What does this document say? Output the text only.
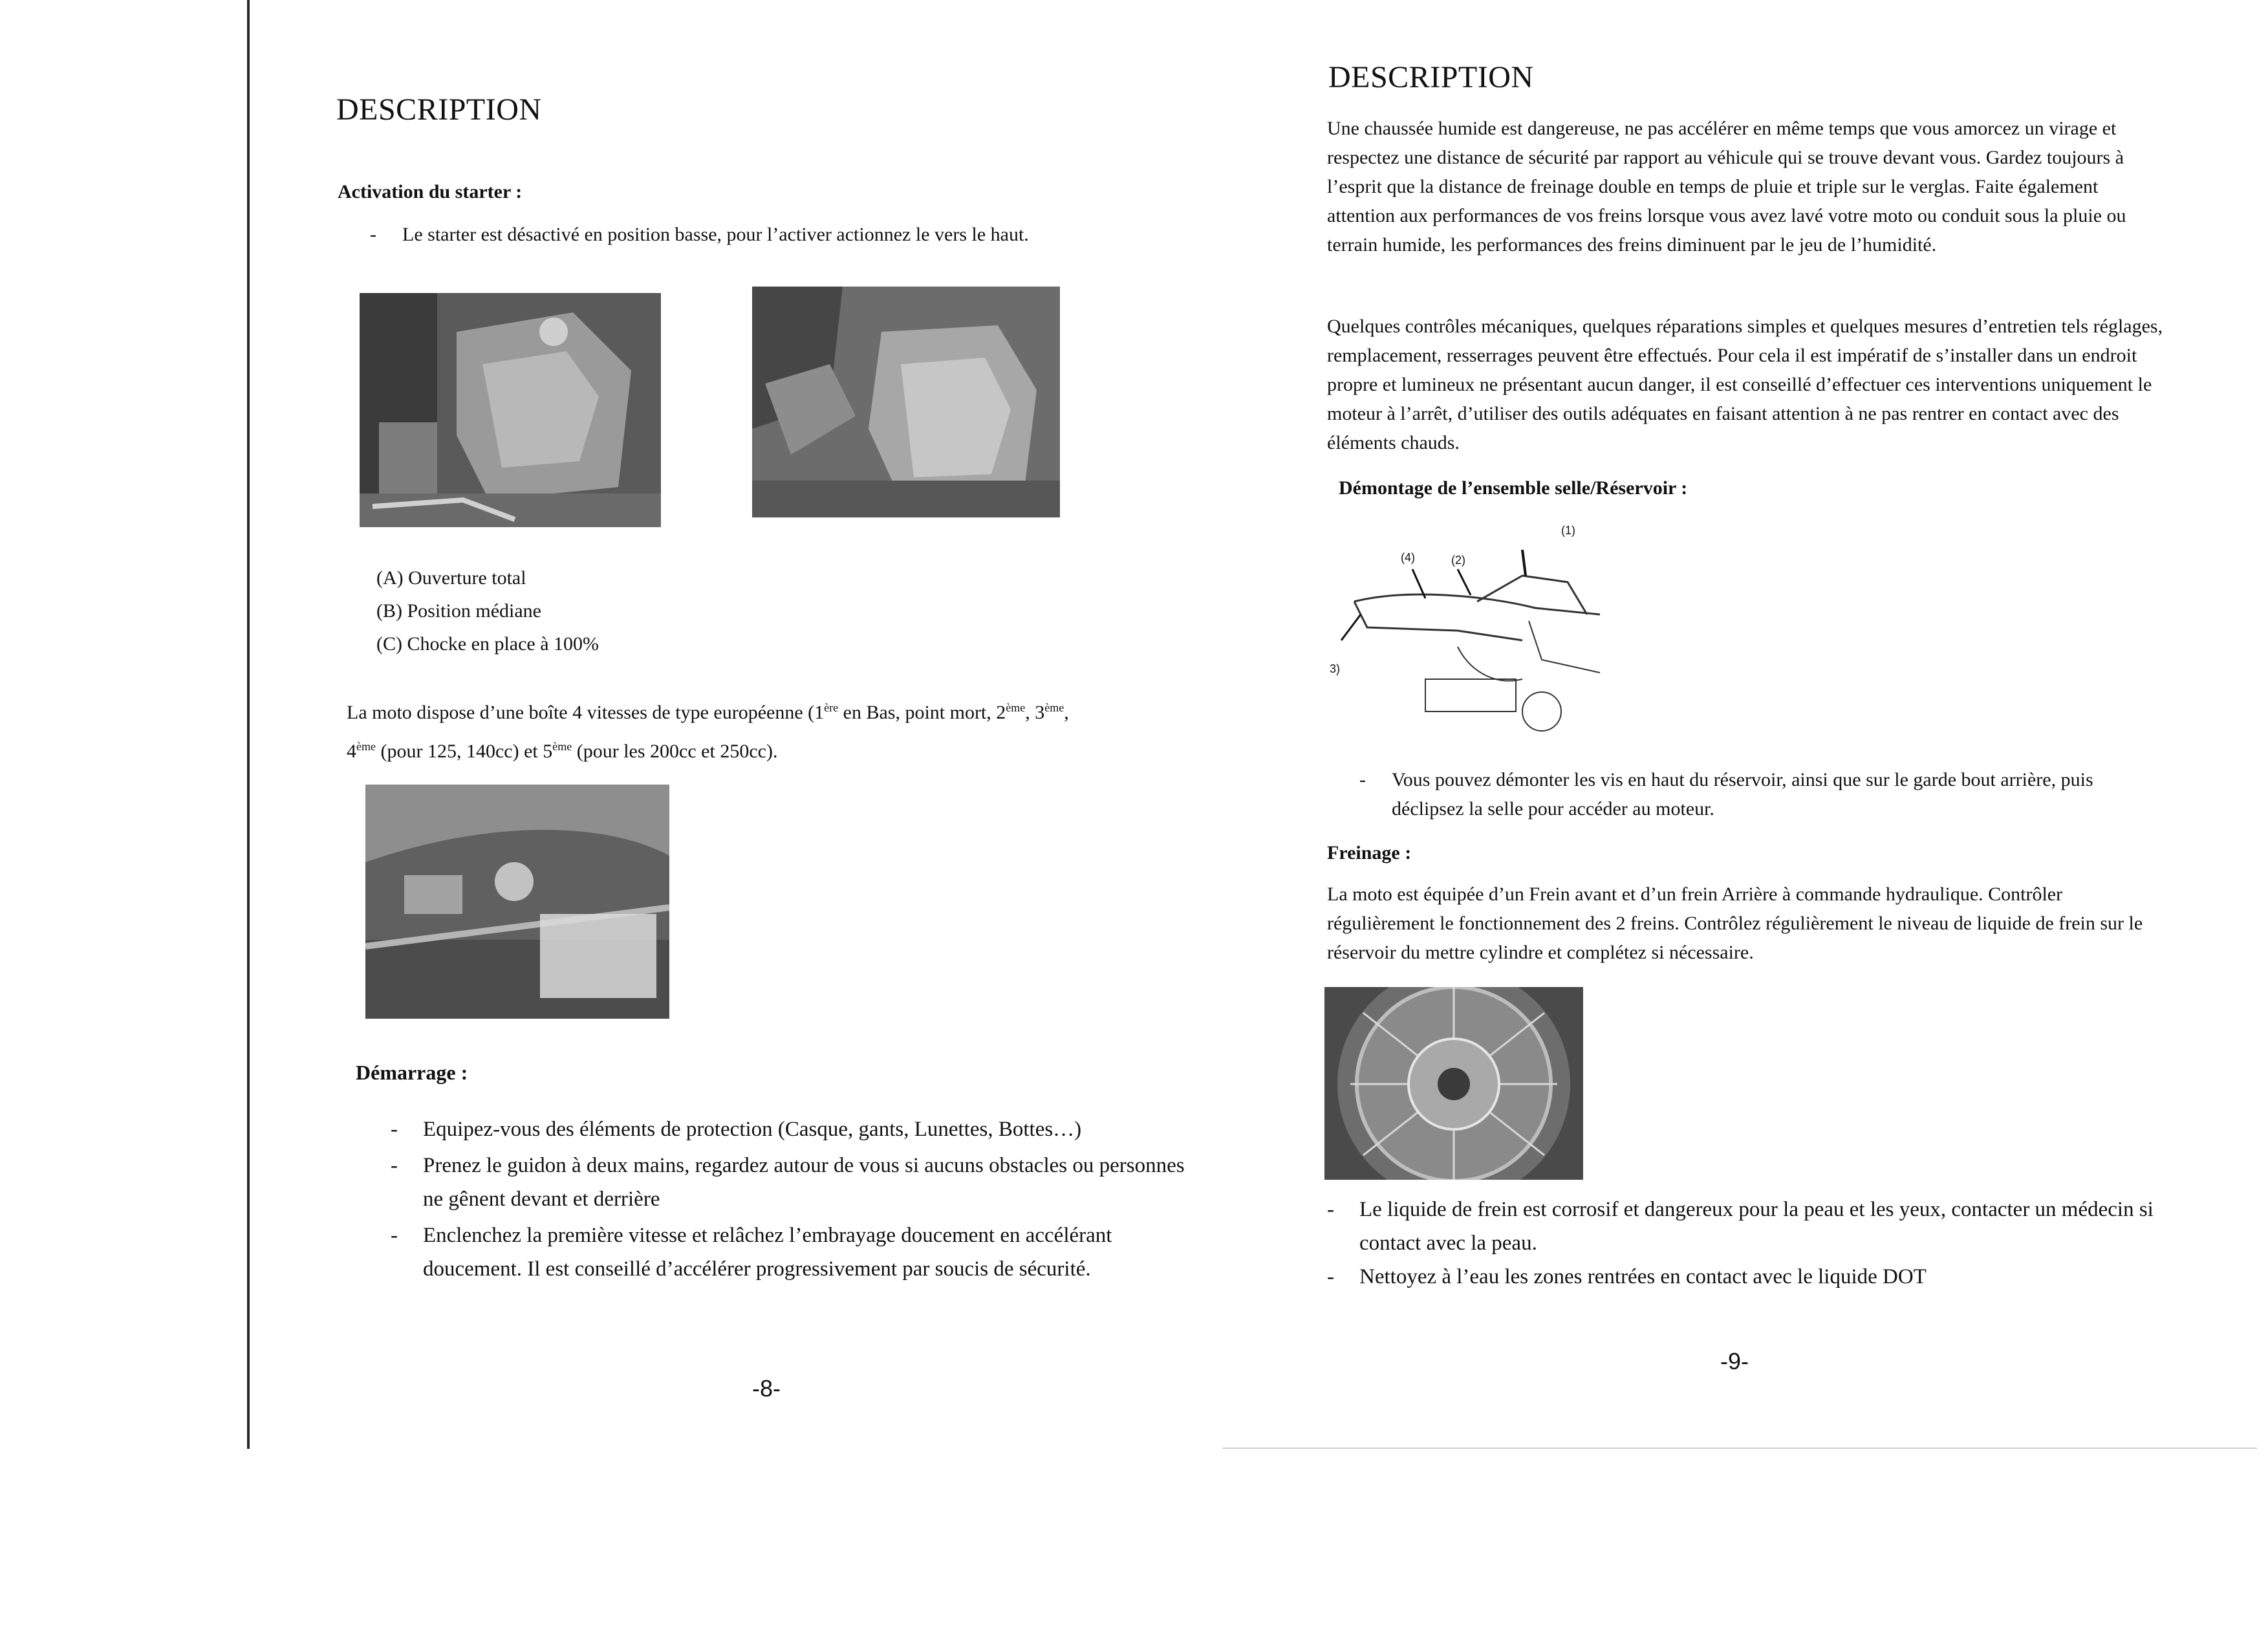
DESCRIPTION
Activation du starter :
- Le starter est désactivé en position basse, pour l’activer actionnez le vers le haut.
(A) Ouverture total
(B) Position médiane
(C) Chocke en place à 100%
La moto dispose d’une boîte 4 vitesses de type européenne (1ère en Bas, point mort, 2ème, 3ème,
4ème (pour 125, 140cc) et 5ème (pour les 200cc et 250cc).
Démarrage :
- Equipez-vous des éléments de protection (Casque, gants, Lunettes, Bottes…)
- Prenez le guidon à deux mains, regardez autour de vous si aucuns obstacles ou personnes ne gênent devant et derrière
- Enclenchez la première vitesse et relâchez l’embrayage doucement en accélérant doucement. Il est conseillé d’accélérer progressivement par soucis de sécurité.
-8-
DESCRIPTION
Une chaussée humide est dangereuse, ne pas accélérer en même temps que vous amorcez un virage et respectez une distance de sécurité par rapport au véhicule qui se trouve devant vous. Gardez toujours à l’esprit que la distance de freinage double en temps de pluie et triple sur le verglas. Faite également attention aux performances de vos freins lorsque vous avez lavé votre moto ou conduit sous la pluie ou terrain humide, les performances des freins diminuent par le jeu de l’humidité.
Quelques contrôles mécaniques, quelques réparations simples et quelques mesures d’entretien tels réglages, remplacement, resserrages peuvent être effectués. Pour cela il est impératif de s’installer dans un endroit propre et lumineux ne présentant aucun danger, il est conseillé d’effectuer ces interventions uniquement le moteur à l’arrêt, d’utiliser des outils adéquates en faisant attention à ne pas rentrer en contact avec des éléments chauds.
Démontage de l’ensemble selle/Réservoir :
(1)
(2)
(4)
3)
- Vous pouvez démonter les vis en haut du réservoir, ainsi que sur le garde bout arrière, puis déclipsez la selle pour accéder au moteur.
Freinage :
La moto est équipée d’un Frein avant et d’un frein Arrière à commande hydraulique. Contrôler régulièrement le fonctionnement des 2 freins. Contrôlez régulièrement le niveau de liquide de frein sur le réservoir du mettre cylindre et complétez si nécessaire.
- Le liquide de frein est corrosif et dangereux pour la peau et les yeux, contacter un médecin si contact avec la peau.
- Nettoyez à l’eau les zones rentrées en contact avec le liquide DOT
-9-
